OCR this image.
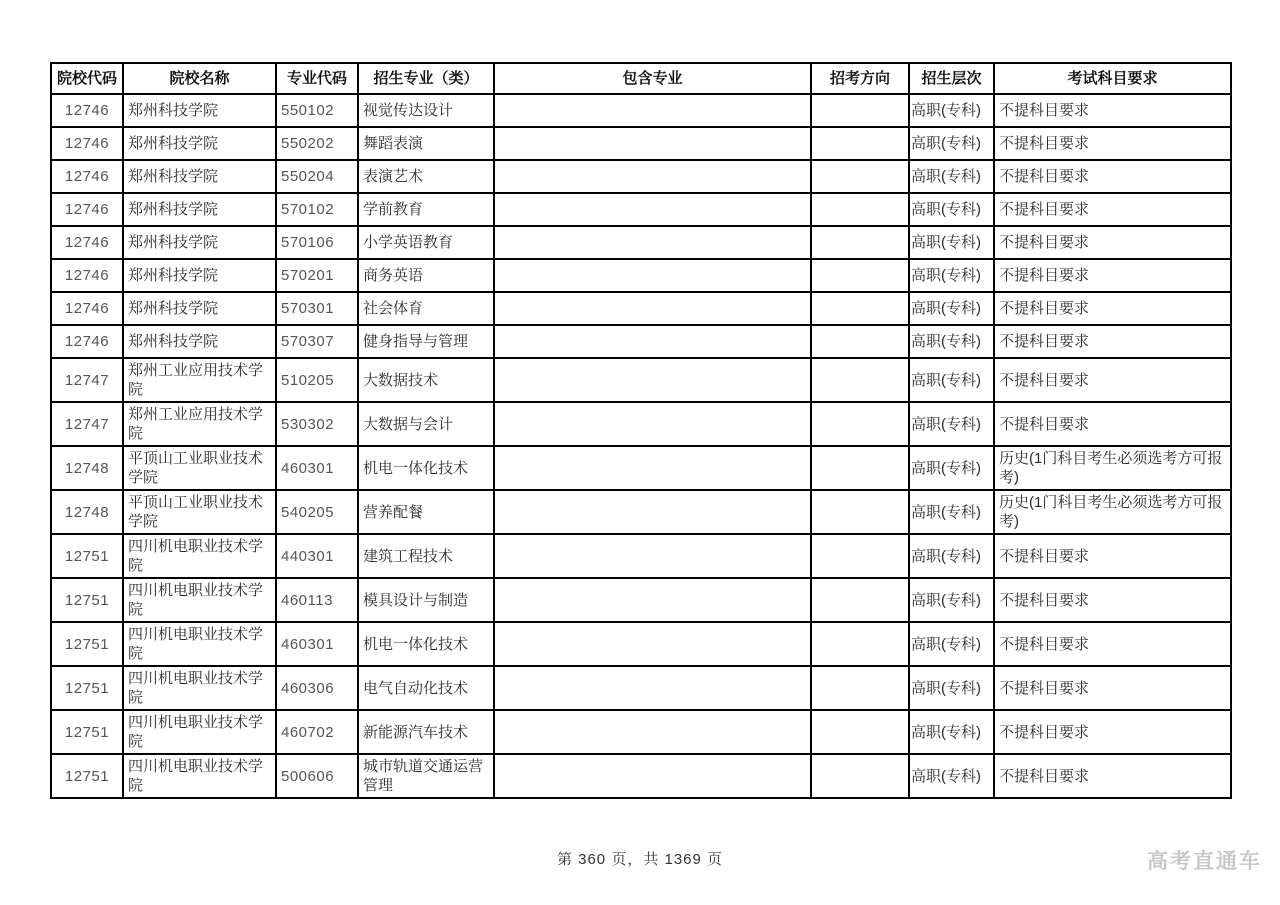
院校代码	院校名称	专业代码	招生专业（类）	包含专业	招考方向	招生层次	考试科目要求
12746	郑州科技学院	550102	视觉传达设计			高职(专科)	不提科目要求
12746	郑州科技学院	550202	舞蹈表演			高职(专科)	不提科目要求
12746	郑州科技学院	550204	表演艺术			高职(专科)	不提科目要求
12746	郑州科技学院	570102	学前教育			高职(专科)	不提科目要求
12746	郑州科技学院	570106	小学英语教育			高职(专科)	不提科目要求
12746	郑州科技学院	570201	商务英语			高职(专科)	不提科目要求
12746	郑州科技学院	570301	社会体育			高职(专科)	不提科目要求
12746	郑州科技学院	570307	健身指导与管理			高职(专科)	不提科目要求
12747	郑州工业应用技术学院	510205	大数据技术			高职(专科)	不提科目要求
12747	郑州工业应用技术学院	530302	大数据与会计			高职(专科)	不提科目要求
12748	平顶山工业职业技术学院	460301	机电一体化技术			高职(专科)	历史(1门科目考生必须选考方可报考)
12748	平顶山工业职业技术学院	540205	营养配餐			高职(专科)	历史(1门科目考生必须选考方可报考)
12751	四川机电职业技术学院	440301	建筑工程技术			高职(专科)	不提科目要求
12751	四川机电职业技术学院	460113	模具设计与制造			高职(专科)	不提科目要求
12751	四川机电职业技术学院	460301	机电一体化技术			高职(专科)	不提科目要求
12751	四川机电职业技术学院	460306	电气自动化技术			高职(专科)	不提科目要求
12751	四川机电职业技术学院	460702	新能源汽车技术			高职(专科)	不提科目要求
12751	四川机电职业技术学院	500606	城市轨道交通运营管理			高职(专科)	不提科目要求
第 360 页，共 1369 页	高考直通车
